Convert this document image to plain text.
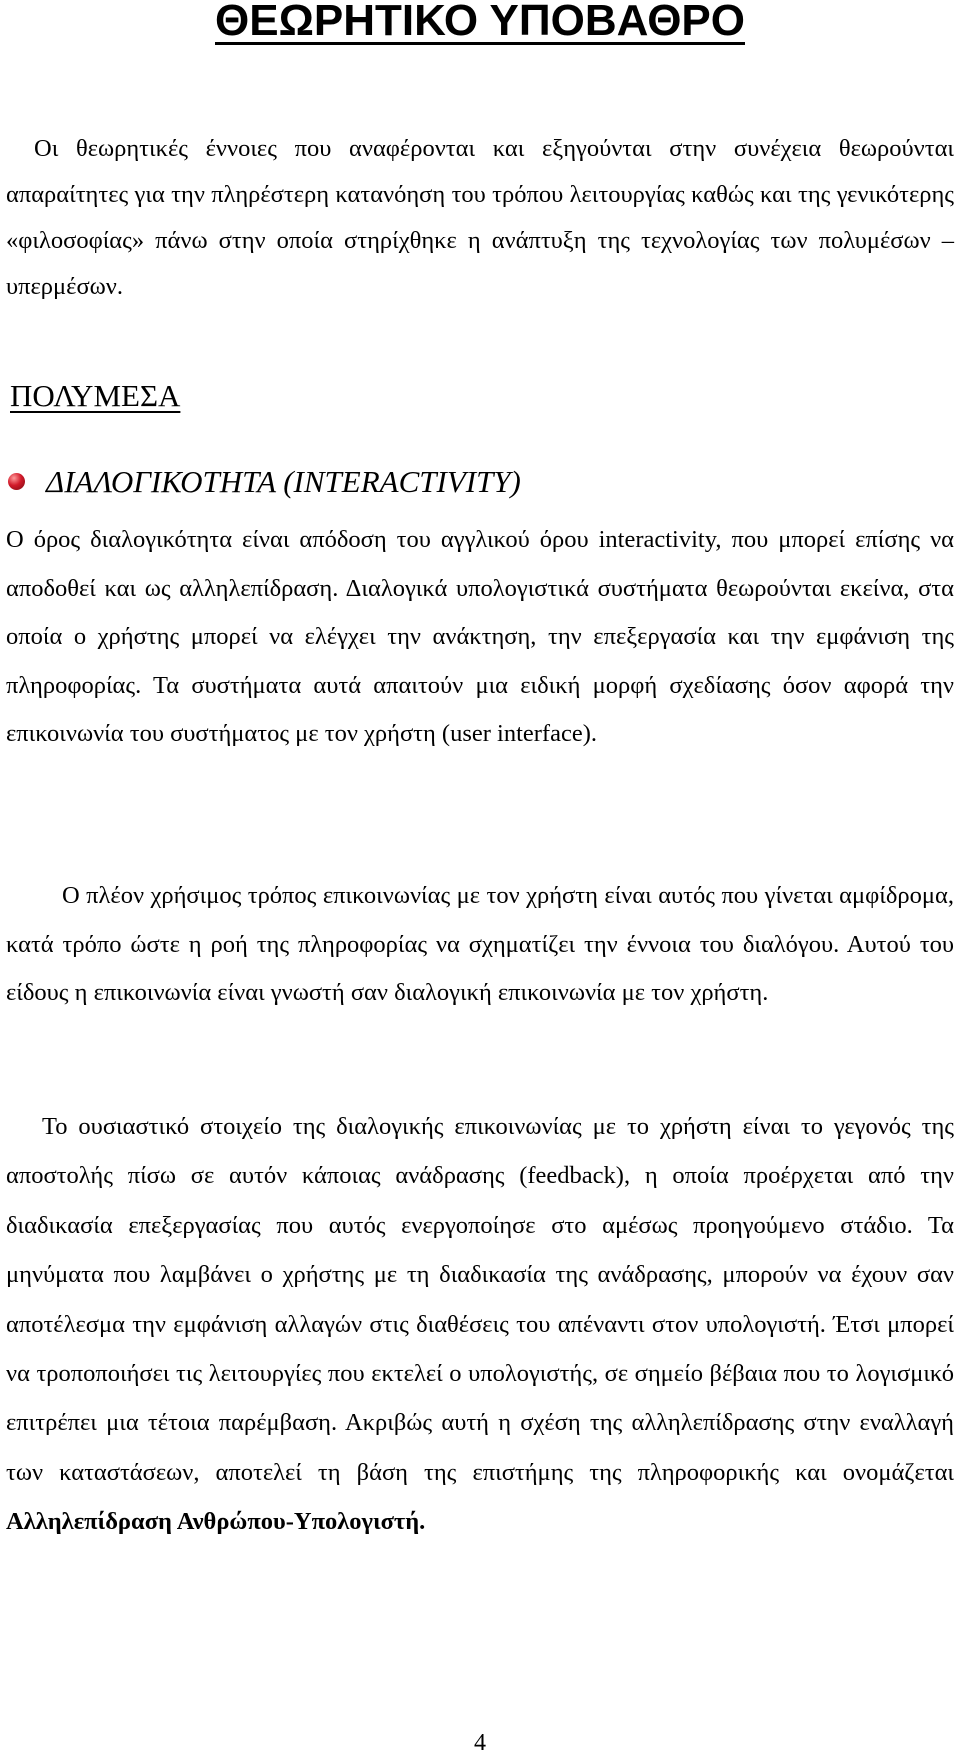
ΘΕΩΡΗΤΙΚΟ ΥΠΟΒΑΘΡΟ

Οι θεωρητικές έννοιες που αναφέρονται και εξηγούνται στην συνέχεια θεωρούνται απαραίτητες για την πληρέστερη κατανόηση του τρόπου λειτουργίας καθώς και της γενικότερης «φιλοσοφίας» πάνω στην οποία στηρίχθηκε η ανάπτυξη της τεχνολογίας των πολυμέσων – υπερμέσων.

ΠΟΛΥΜΕΣΑ
ΔΙΑΛΟΓΙΚΟΤΗΤΑ (INTERACTIVITY)

Ο όρος διαλογικότητα είναι απόδοση του αγγλικού όρου interactivity, που μπορεί επίσης να αποδοθεί και ως αλληλεπίδραση. Διαλογικά υπολογιστικά συστήματα θεωρούνται εκείνα, στα οποία ο χρήστης μπορεί να ελέγχει την ανάκτηση, την επεξεργασία και την εμφάνιση της πληροφορίας. Τα συστήματα αυτά απαιτούν μια ειδική μορφή σχεδίασης όσον αφορά την επικοινωνία του συστήματος με τον χρήστη (user interface).

Ο πλέον χρήσιμος τρόπος επικοινωνίας με τον χρήστη είναι αυτός που γίνεται αμφίδρομα, κατά τρόπο ώστε η ροή της πληροφορίας να σχηματίζει την έννοια του διαλόγου. Αυτού του είδους η επικοινωνία είναι γνωστή σαν διαλογική επικοινωνία με τον χρήστη.

Το ουσιαστικό στοιχείο της διαλογικής επικοινωνίας με το χρήστη είναι το γεγονός της αποστολής πίσω σε αυτόν κάποιας ανάδρασης (feedback), η οποία προέρχεται από την διαδικασία επεξεργασίας που αυτός ενεργοποίησε στο αμέσως προηγούμενο στάδιο. Τα μηνύματα που λαμβάνει ο χρήστης με τη διαδικασία της ανάδρασης, μπορούν να έχουν σαν αποτέλεσμα την εμφάνιση αλλαγών στις διαθέσεις του απέναντι στον υπολογιστή. Έτσι μπορεί να τροποποιήσει τις λειτουργίες που εκτελεί ο υπολογιστής, σε σημείο βέβαια που το λογισμικό επιτρέπει μια τέτοια παρέμβαση. Ακριβώς αυτή η σχέση της αλληλεπίδρασης στην εναλλαγή των καταστάσεων, αποτελεί τη βάση της επιστήμης της πληροφορικής και ονομάζεται Αλληλεπίδραση Ανθρώπου-Υπολογιστή.

4
